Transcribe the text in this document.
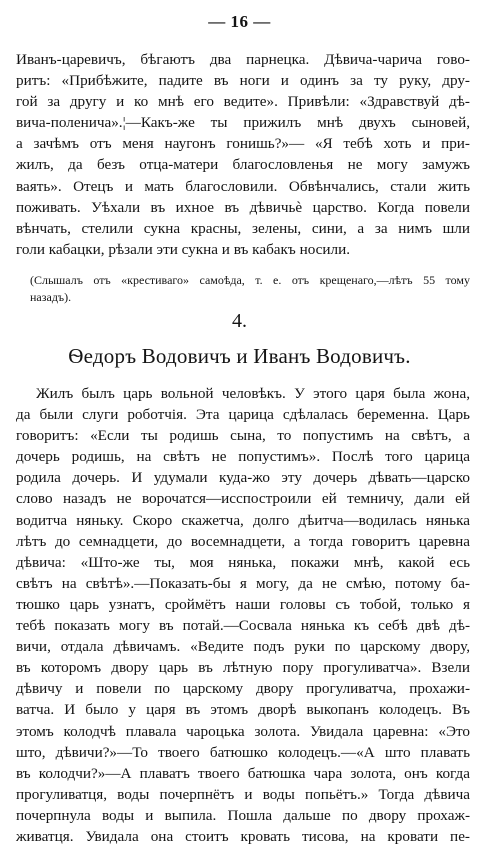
— 16 —
Иванъ-царевичъ, бѣгаютъ два парнецка. Дѣвича-чарича гово-
ритъ: «Прибѣжите, падите въ ноги и одинъ за ту руку, дру-
гой за другу и ко мнѣ его ведите». Привѣли: «Здравствуй дѣ-
вича-поленича».¦—Какъ-же ты прижилъ мнѣ двухъ сыновей,
а зачѣмъ отъ меня наугонъ гонишь?»— «Я тебѣ хоть и при-
жилъ, да безъ отца-матери благословленья не могу замужъ
ваять». Отецъ и мать благословили. Обвѣнчались, стали жить
поживать. Уѣхали въ ихное въ дѣвичьѐ царство. Когда повели
вѣнчать, стелили сукна красны, зелены, сини, а за нимъ шли
голи кабацки, рѣзали эти сукна и въ кабакъ носили.
(Слышалъ отъ «крестиваго» самоѣда, т. е. отъ крещенаго,—лѣтъ 55 тому
назадъ).
4.
Ѳедоръ Водовичъ и Иванъ Водовичъ.
Жилъ былъ царь вольной человѣкъ. У этого царя была жона,
да были слуги роботчія. Эта царица сдѣлалась беременна. Царь
говоритъ: «Если ты родишь сына, то попустимъ на свѣтъ, а
дочерь родишь, на свѣтъ не попустимъ». Послѣ того царица
родила дочерь. И удумали куда-жо эту дочерь дѣвать—царско
слово назадъ не ворочатся—исспостроили ей темничу, дали ей
водитча няньку. Скоро скажетча, долго дѣитча—водилась нянька
лѣтъ до семнадцети, до восемнадцети, а тогда говоритъ царевна
дѣвича: «Што-же ты, моя нянька, покажи мнѣ, какой есь
свѣтъ на свѣтѣ».—Показать-бы я могу, да не смѣю, потому ба-
тюшко царь узнатъ, сроймётъ наши головы съ тобой, только я
тебѣ показать могу въ потай.—Сосвала нянька къ себѣ двѣ дѣ-
вичи, отдала дѣвичамъ. «Ведите подъ руки по царскому двору,
въ которомъ двору царь въ лѣтную пору прогуливатча». Взели
дѣвичу и повели по царскому двору прогуливатча, прохажи-
ватча. И было у царя въ этомъ дворѣ выкопанъ колодецъ. Въ
этомъ колодчѣ плавала чароцька золота. Увидала царевна: «Это
што, дѣвичи?»—То твоего батюшко колодецъ.—«А што плавать
въ колодчи?»—А плаватъ твоего батюшка чара золота, онъ когда
прогуливатця, воды почерпнётъ и воды попьётъ.» Тогда дѣвича
почерпнула воды и выпила. Пошла дальше по двору прохаж-
живатця. Увидала она стоитъ кровать тисова, на кровати пе-
